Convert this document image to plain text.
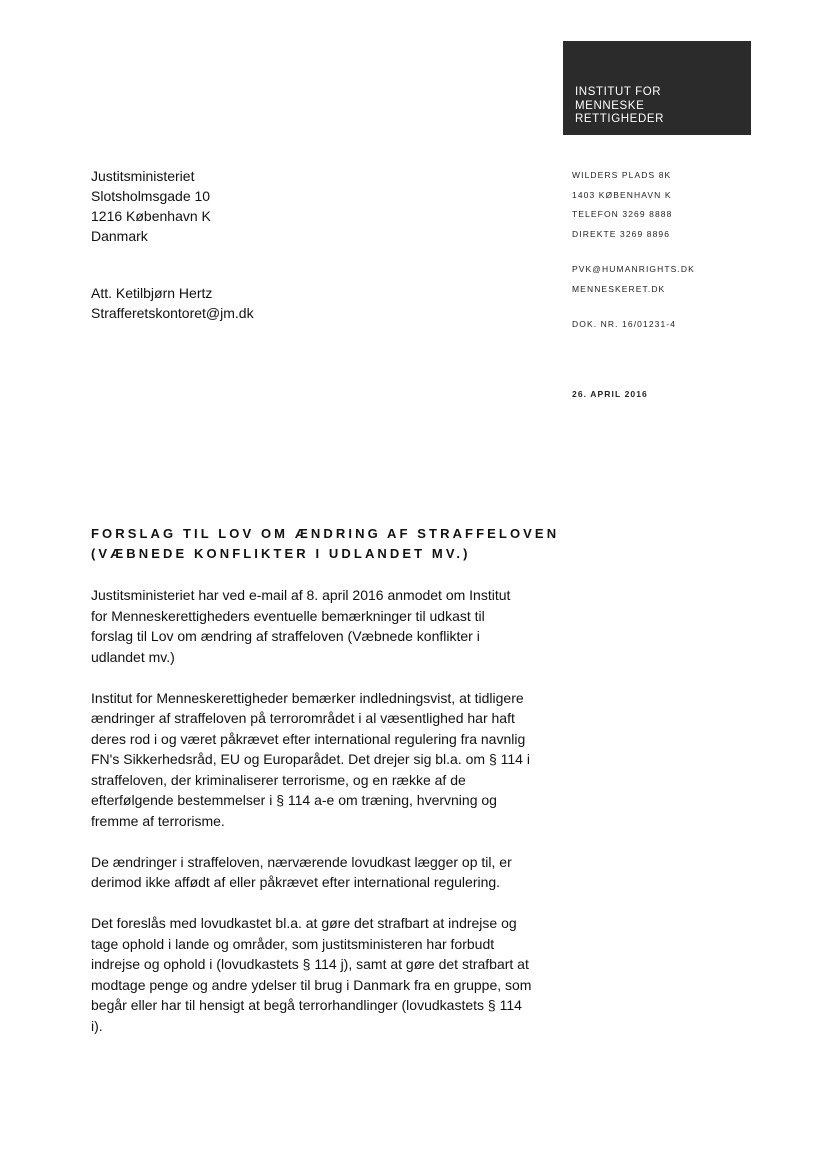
INSTITUT FOR
MENNESKE
RETTIGHEDER
Justitsministeriet
Slotsholmsgade 10
1216 København K
Danmark
Att. Ketilbjørn Hertz
Strafferetskontoret@jm.dk
WILDERS PLADS 8K
1403 KØBENHAVN K
TELEFON 3269 8888
DIREKTE 3269 8896
PVK@HUMANRIGHTS.DK
MENNESKERET.DK
DOK. NR. 16/01231-4
26. APRIL 2016
FORSLAG TIL LOV OM ÆNDRING AF STRAFFELOVEN
(VÆBNEDE KONFLIKTER I UDLANDET MV.)
Justitsministeriet har ved e-mail af 8. april 2016 anmodet om Institut
for Menneskerettigheders eventuelle bemærkninger til udkast til
forslag til Lov om ændring af straffeloven (Væbnede konflikter i
udlandet mv.)
Institut for Menneskerettigheder bemærker indledningsvist, at tidligere
ændringer af straffeloven på terrorområdet i al væsentlighed har haft
deres rod i og været påkrævet efter international regulering fra navnlig
FN's Sikkerhedsråd, EU og Europarådet. Det drejer sig bl.a. om § 114 i
straffeloven, der kriminaliserer terrorisme, og en række af de
efterfølgende bestemmelser i § 114 a-e om træning, hvervning og
fremme af terrorisme.
De ændringer i straffeloven, nærværende lovudkast lægger op til, er
derimod ikke affødt af eller påkrævet efter international regulering.
Det foreslås med lovudkastet bl.a. at gøre det strafbart at indrejse og
tage ophold i lande og områder, som justitsministeren har forbudt
indrejse og ophold i (lovudkastets § 114 j), samt at gøre det strafbart at
modtage penge og andre ydelser til brug i Danmark fra en gruppe, som
begår eller har til hensigt at begå terrorhandlinger (lovudkastets § 114
i).
